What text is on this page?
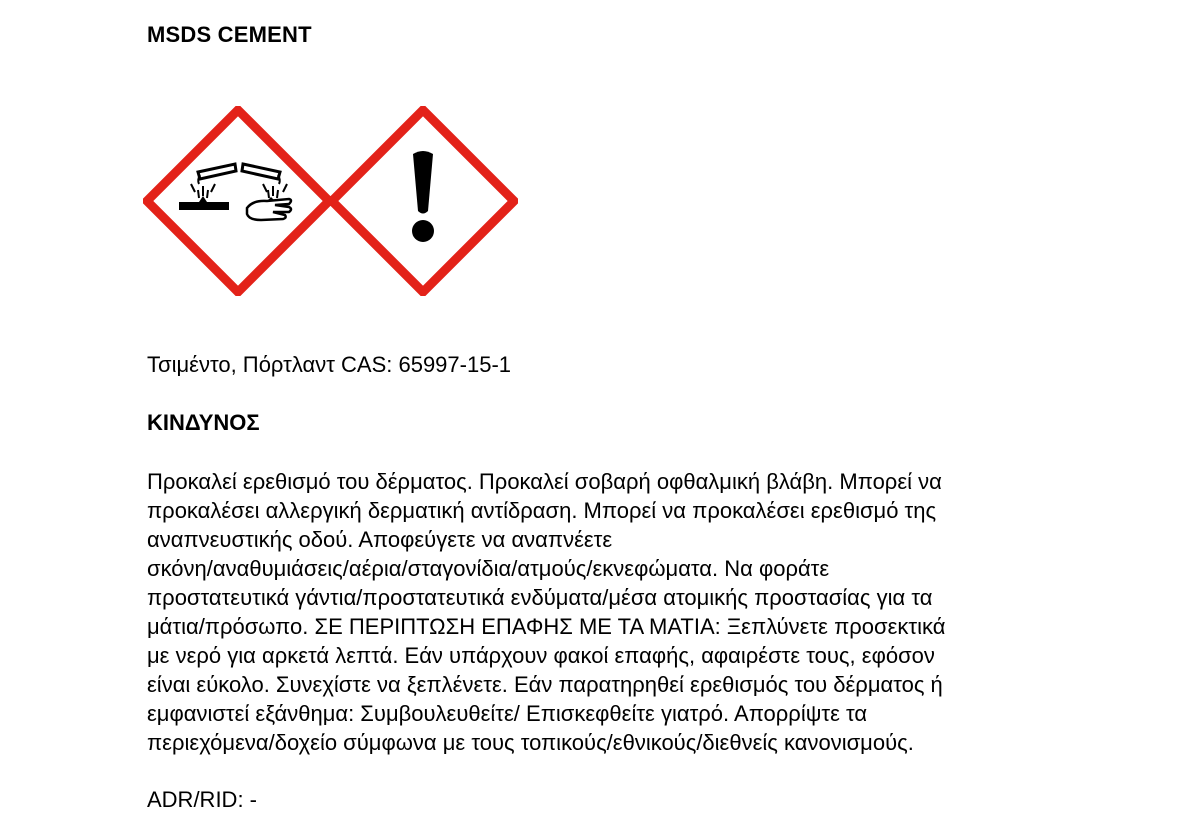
MSDS CEMENT

Τσιμέντο, Πόρτλαντ CAS: 65997-15-1

ΚΙΝΔΥΝΟΣ

Προκαλεί ερεθισμό του δέρματος. Προκαλεί σοβαρή οφθαλμική βλάβη. Μπορεί να
προκαλέσει αλλεργική δερματική αντίδραση. Μπορεί να προκαλέσει ερεθισμό της
αναπνευστικής οδού. Αποφεύγετε να αναπνέετε
σκόνη/αναθυμιάσεις/αέρια/σταγονίδια/ατμούς/εκνεφώματα. Να φοράτε
προστατευτικά γάντια/προστατευτικά ενδύματα/μέσα ατομικής προστασίας για τα
μάτια/πρόσωπο. ΣΕ ΠΕΡΙΠΤΩΣΗ ΕΠΑΦΗΣ ΜΕ ΤΑ ΜΑΤΙΑ: Ξεπλύνετε προσεκτικά
με νερό για αρκετά λεπτά. Εάν υπάρχουν φακοί επαφής, αφαιρέστε τους, εφόσον
είναι εύκολο. Συνεχίστε να ξεπλένετε. Εάν παρατηρηθεί ερεθισμός του δέρματος ή
εμφανιστεί εξάνθημα: Συμβουλευθείτε/ Επισκεφθείτε γιατρό. Απορρίψτε τα
περιεχόμενα/δοχείο σύμφωνα με τους τοπικούς/εθνικούς/διεθνείς κανονισμούς.

ADR/RID: -
